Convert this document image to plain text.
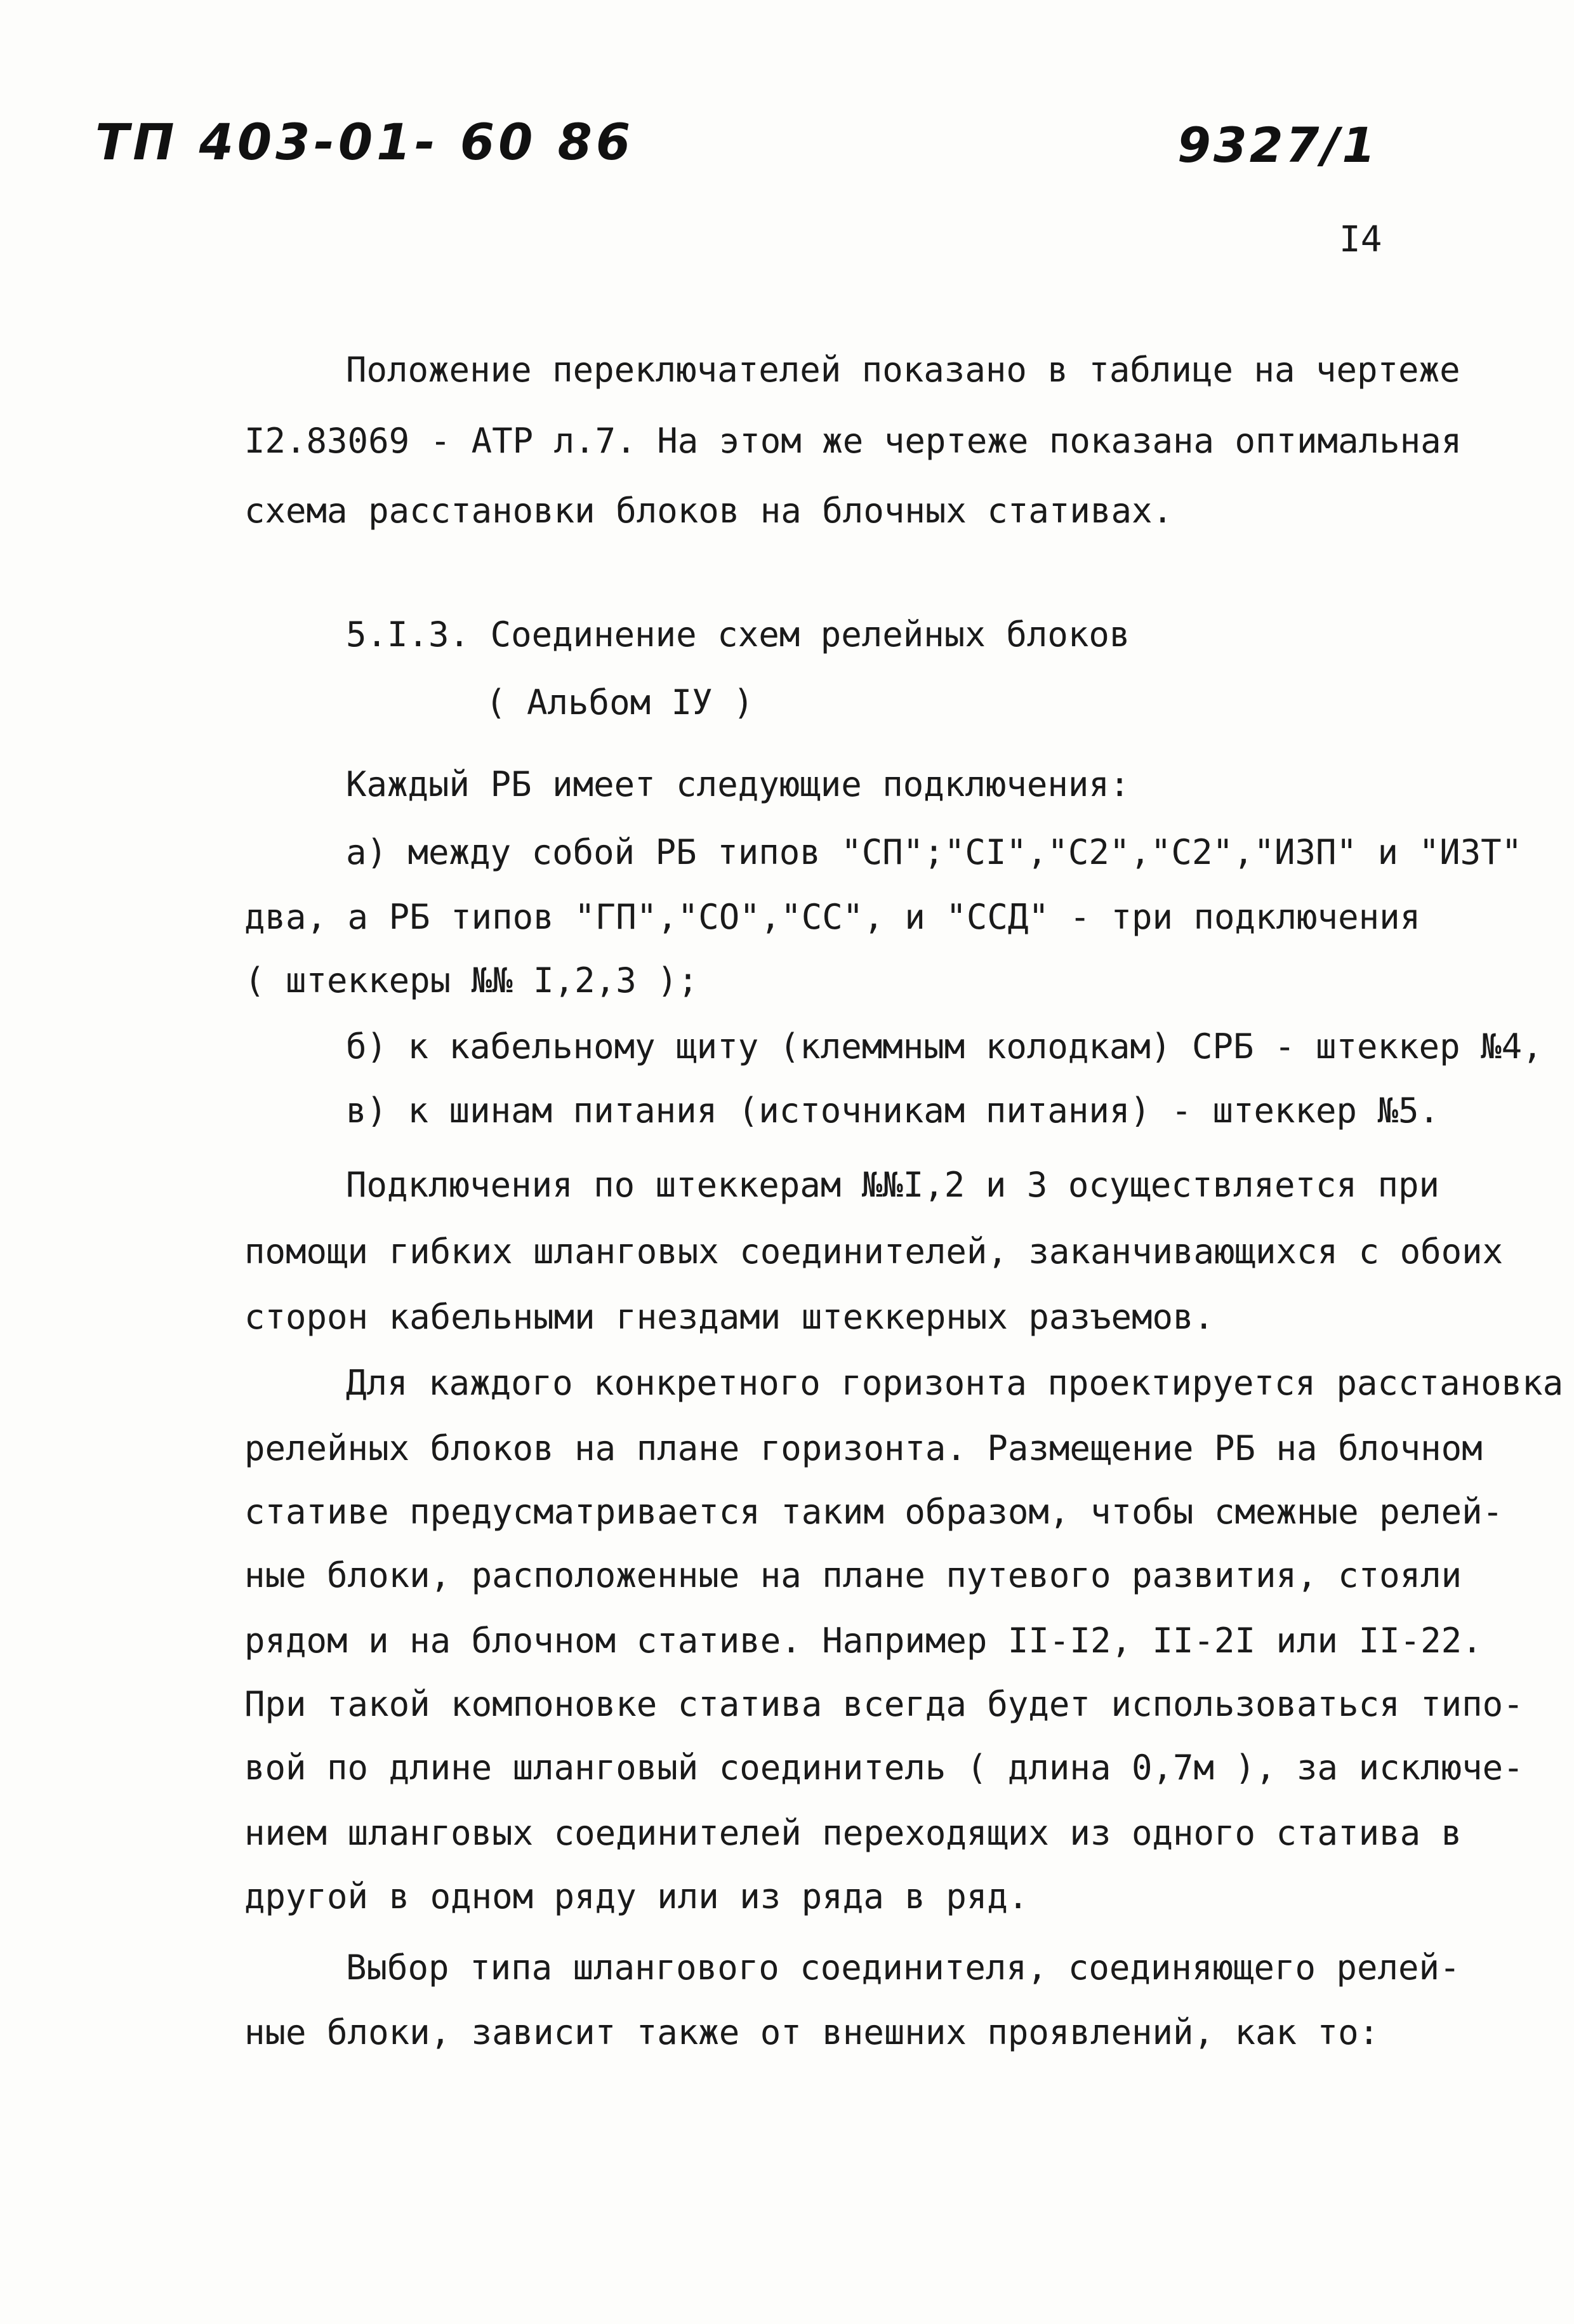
ТП 403-01- 60 86	9327/1
I4
Положение переключателей показано в таблице на чертеже
I2.83069 - АТР л.7. На этом же чертеже показана оптимальная
схема расстановки блоков на блочных стативах.
5.I.3. Соединение схем релейных блоков
( Альбом IУ )
Каждый РБ имеет следующие подключения:
а) между собой РБ типов "СП";"СI","С2","С2","ИЗП" и "ИЗТ"
два, а РБ типов "ГП","СО","СС", и "ССД" - три подключения
( штеккеры №№ I,2,3 );
б) к кабельному щиту (клеммным колодкам) СРБ - штеккер №4,
в) к шинам питания (источникам питания) - штеккер №5.
Подключения по штеккерам №№I,2 и 3 осуществляется при
помощи гибких шланговых соединителей, заканчивающихся с обоих
сторон кабельными гнездами штеккерных разъемов.
Для каждого конкретного горизонта проектируется расстановка
релейных блоков на плане горизонта. Размещение РБ на блочном
стативе предусматривается таким образом, чтобы смежные релей-
ные блоки, расположенные на плане путевого развития, стояли
рядом и на блочном стативе. Например II-I2, II-2I или II-22.
При такой компоновке статива всегда будет использоваться типо-
вой по длине шланговый соединитель ( длина 0,7м ), за исключе-
нием шланговых соединителей переходящих из одного статива в
другой в одном ряду или из ряда в ряд.
Выбор типа шлангового соединителя, соединяющего релей-
ные блоки, зависит также от внешних проявлений, как то:
